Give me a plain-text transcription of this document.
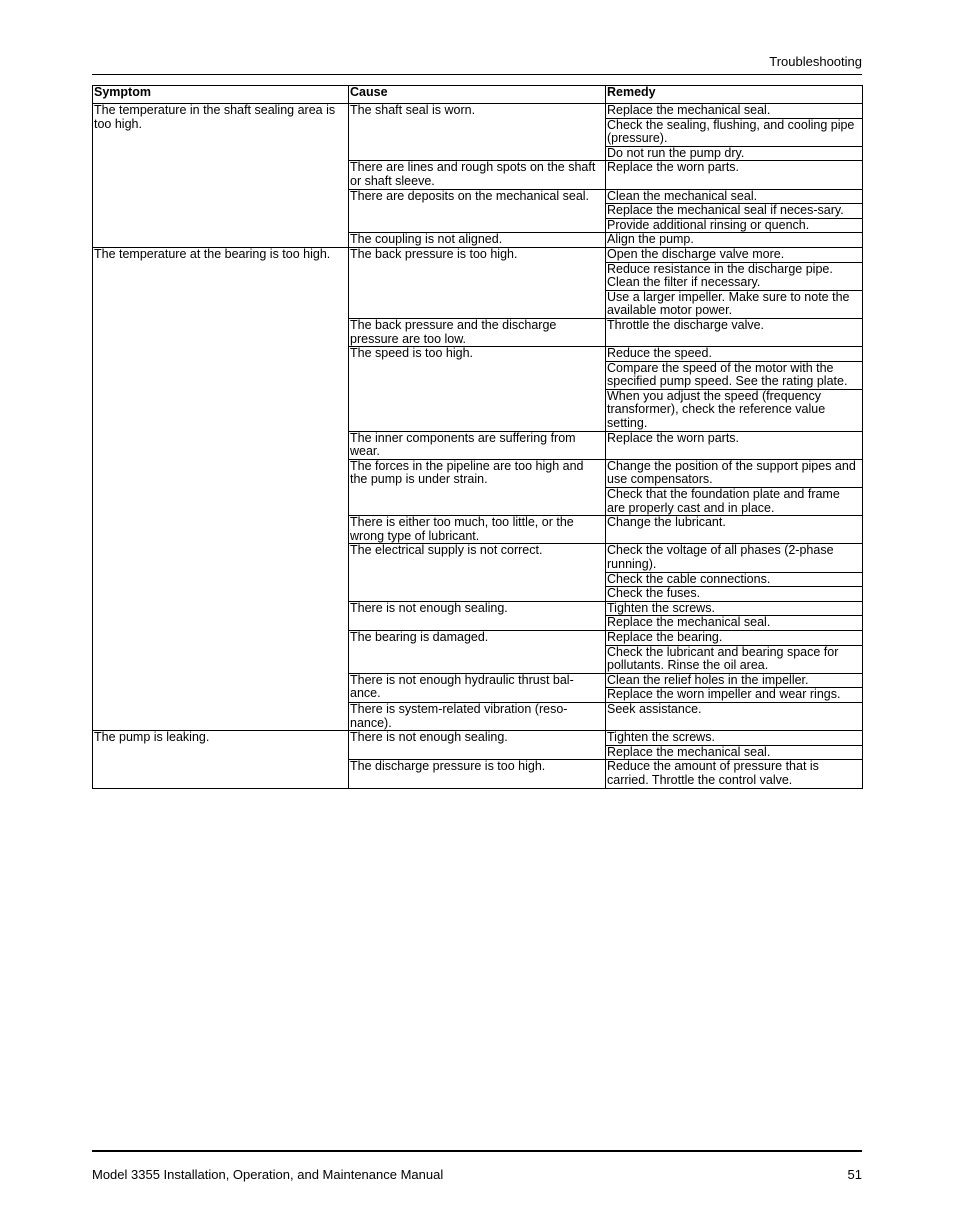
Troubleshooting
Symptom	Cause	Remedy
The temperature in the shaft sealing area is too high.	The shaft seal is worn.	Replace the mechanical seal.
		Check the sealing, flushing, and cooling pipe (pressure).
		Do not run the pump dry.
	There are lines and rough spots on the shaft or shaft sleeve.	Replace the worn parts.
	There are deposits on the mechanical seal.	Clean the mechanical seal.
		Replace the mechanical seal if neces-sary.
		Provide additional rinsing or quench.
	The coupling is not aligned.	Align the pump.
The temperature at the bearing is too high.	The back pressure is too high.	Open the discharge valve more.
		Reduce resistance in the discharge pipe. Clean the filter if necessary.
		Use a larger impeller. Make sure to note the available motor power.
	The back pressure and the discharge pressure are too low.	Throttle the discharge valve.
	The speed is too high.	Reduce the speed.
		Compare the speed of the motor with the specified pump speed. See the rating plate.
		When you adjust the speed (frequency transformer), check the reference value setting.
	The inner components are suffering from wear.	Replace the worn parts.
	The forces in the pipeline are too high and the pump is under strain.	Change the position of the support pipes and use compensators.
		Check that the foundation plate and frame are properly cast and in place.
	There is either too much, too little, or the wrong type of lubricant.	Change the lubricant.
	The electrical supply is not correct.	Check the voltage of all phases (2-phase running).
		Check the cable connections.
		Check the fuses.
	There is not enough sealing.	Tighten the screws.
		Replace the mechanical seal.
	The bearing is damaged.	Replace the bearing.
		Check the lubricant and bearing space for pollutants. Rinse the oil area.
	There is not enough hydraulic thrust bal-ance.	Clean the relief holes in the impeller.
		Replace the worn impeller and wear rings.
	There is system-related vibration (reso-nance).	Seek assistance.
The pump is leaking.	There is not enough sealing.	Tighten the screws.
		Replace the mechanical seal.
	The discharge pressure is too high.	Reduce the amount of pressure that is carried. Throttle the control valve.
Model 3355 Installation, Operation, and Maintenance Manual	51
